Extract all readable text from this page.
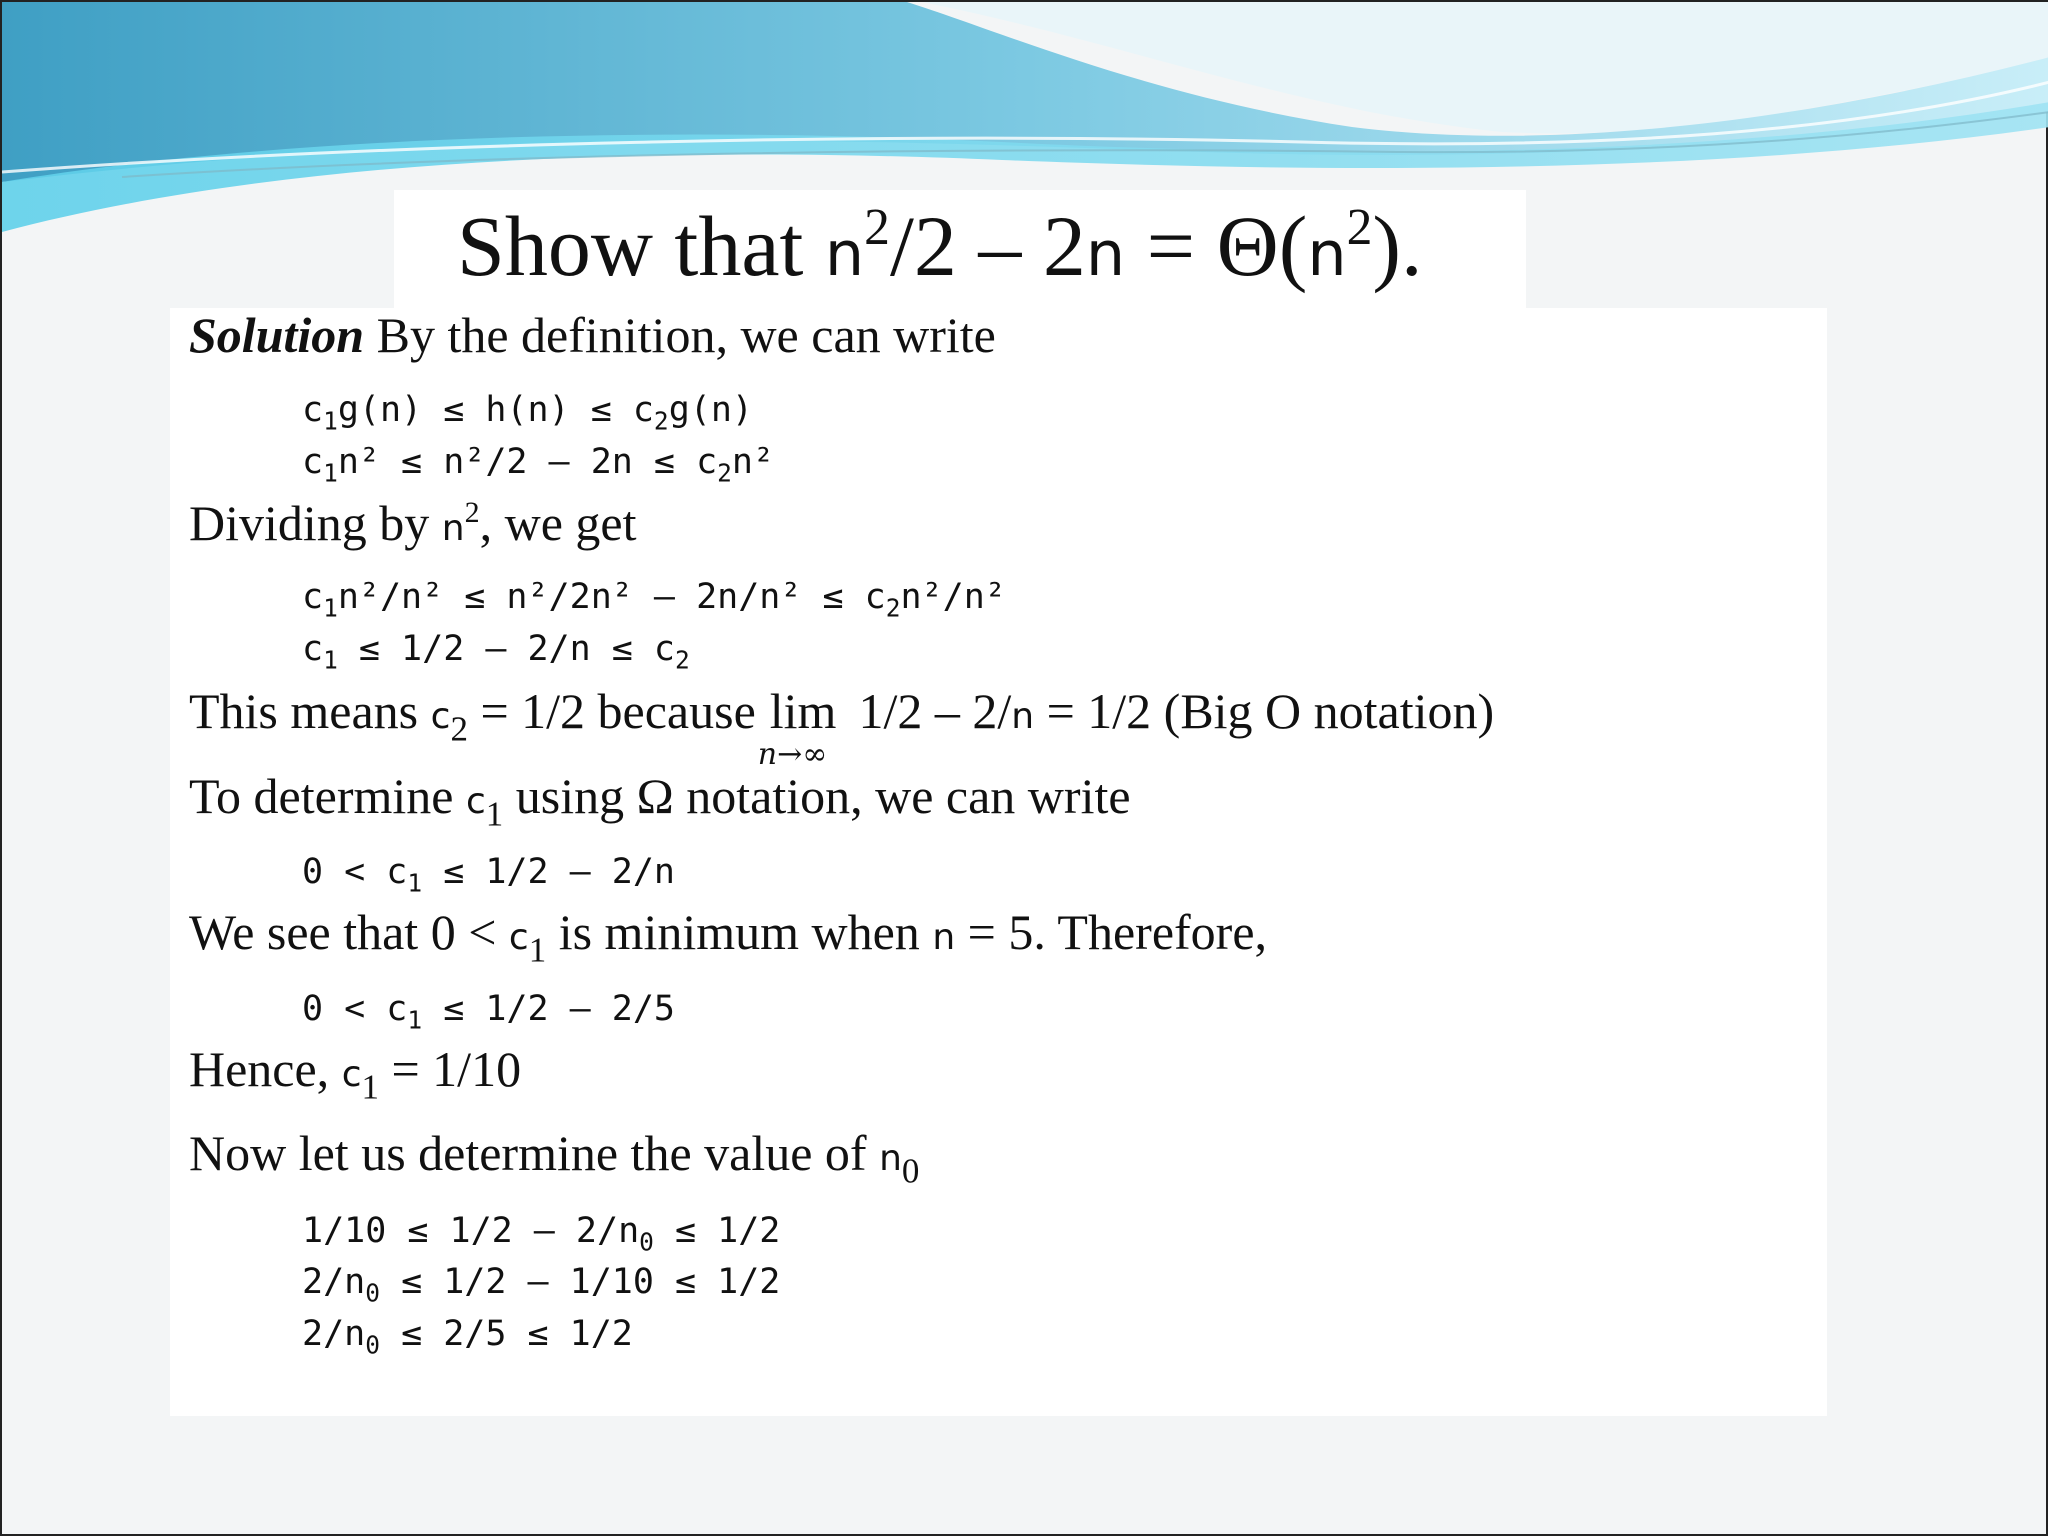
Show that $n^2/2 - 2n = \Theta(n^2)$.
Solution By the definition, we can write
$c_1g(n) \le h(n) \le c_2g(n)$
$c_1n^2 \le n^2/2 - 2n \le c_2n^2$
Dividing by $n^2$, we get
$c_1n^2/n^2 \le n^2/2n^2 - 2n/n^2 \le c_2n^2/n^2$
$c_1 \le 1/2 - 2/n \le c_2$
This means $c_2 = 1/2$ because lim
n→∞
1/2 – 2/n = 1/2 (Big O notation)
To determine $c_1$ using Ω notation, we can write
$0 < c_1 \le 1/2 - 2/n$
We see that $0 < c_1$ is minimum when n = 5. Therefore,
$0 < c_1 \le 1/2 - 2/5$
Hence, $c_1 = 1/10$
Now let us determine the value of $n_0$
$1/10 \le 1/2 - 2/n_0 \le 1/2$
$2/n_0 \le 1/2 - 1/10 \le 1/2$
$2/n_0 \le 2/5 \le 1/2$
